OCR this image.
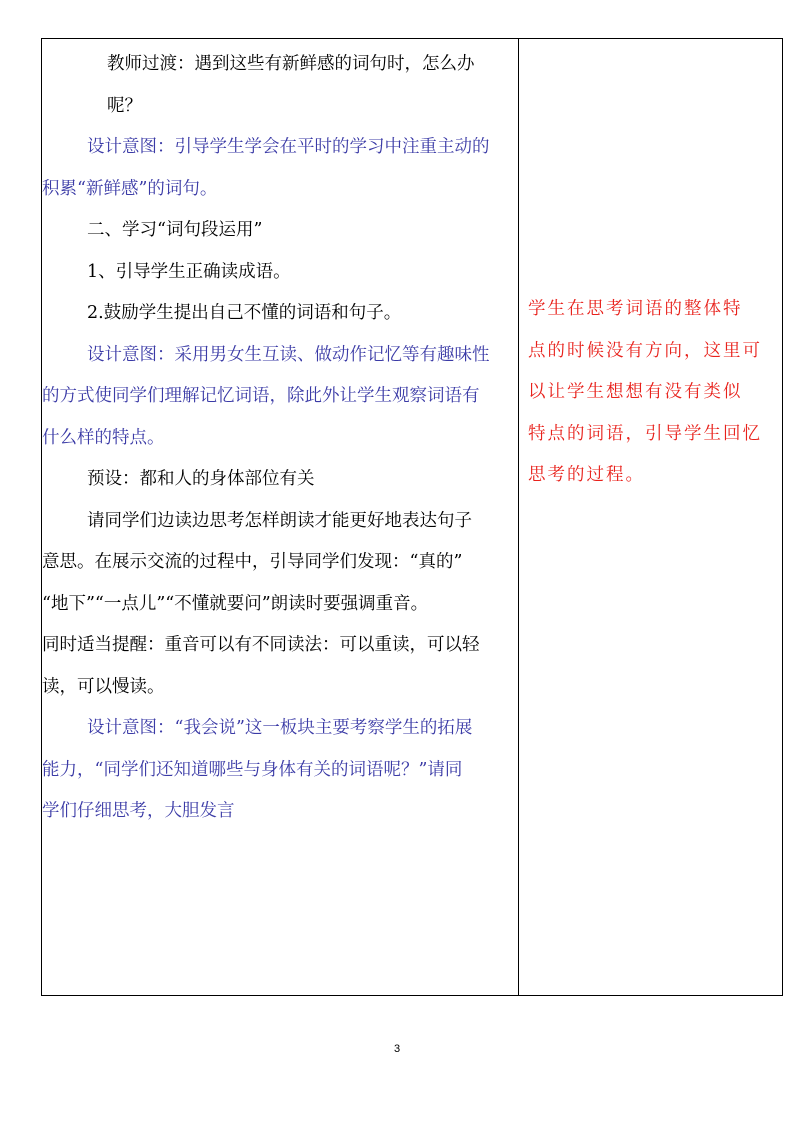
教师过渡：遇到这些有新鲜感的词句时，怎么办

呢？

设计意图：引导学生学会在平时的学习中注重主动的

积累“新鲜感”的词句。

二、学习“词句段运用”

1、引导学生正确读成语。

2.鼓励学生提出自己不懂的词语和句子。

设计意图：采用男女生互读、做动作记忆等有趣味性

的方式使同学们理解记忆词语，除此外让学生观察词语有

什么样的特点。

预设：都和人的身体部位有关

请同学们边读边思考怎样朗读才能更好地表达句子

意思。在展示交流的过程中，引导同学们发现：“真的”

“地下”“一点儿”“不懂就要问”朗读时要强调重音。

同时适当提醒：重音可以有不同读法：可以重读，可以轻

读，可以慢读。

设计意图：“我会说”这一板块主要考察学生的拓展

能力，“同学们还知道哪些与身体有关的词语呢？”请同

学们仔细思考，大胆发言

学生在思考词语的整体特
点的时候没有方向，这里可
以让学生想想有没有类似
特点的词语，引导学生回忆
思考的过程。
3
